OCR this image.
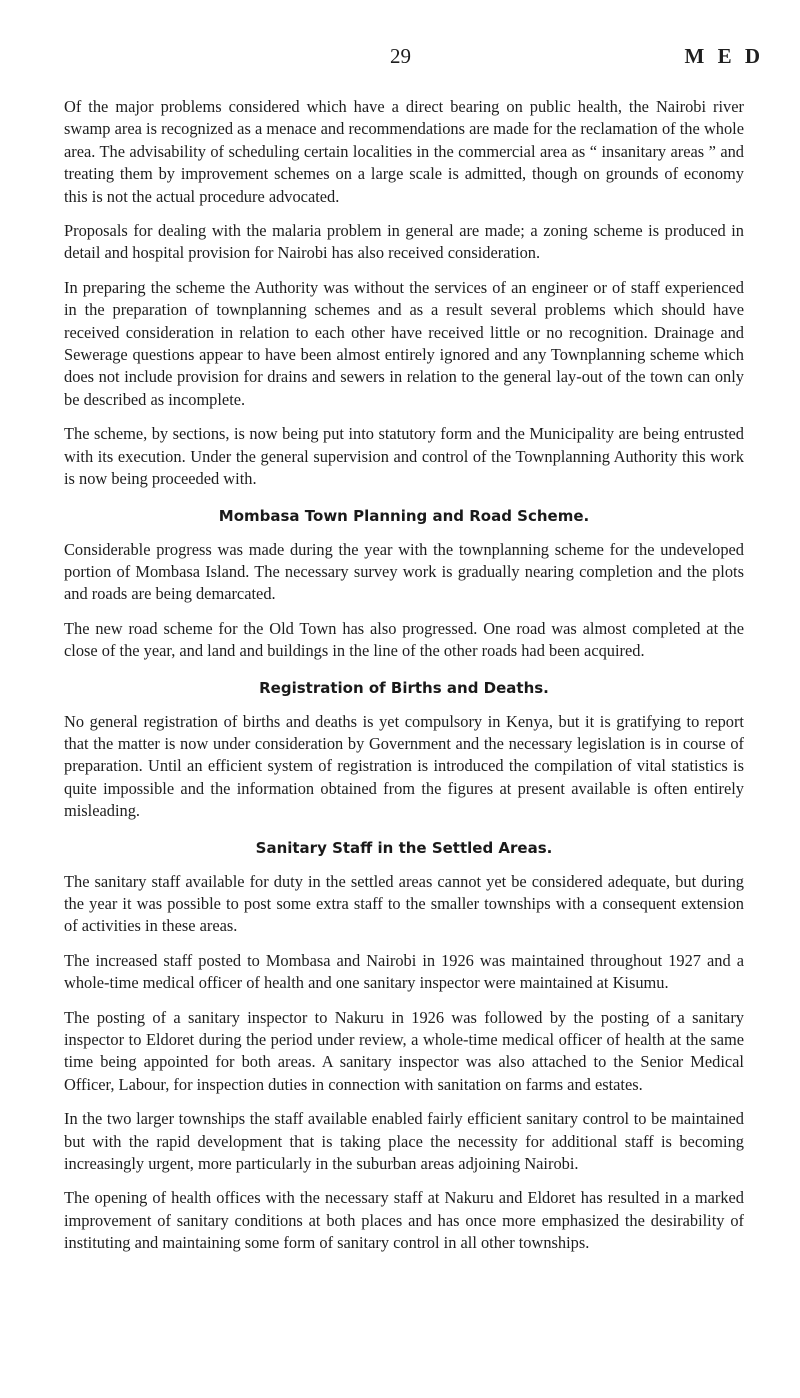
29	M E D

Of the major problems considered which have a direct bearing on public health, the Nairobi river swamp area is recognized as a menace and recommendations are made for the reclamation of the whole area. The advisability of scheduling certain localities in the commercial area as “ insanitary areas ” and treating them by improvement schemes on a large scale is admitted, though on grounds of economy this is not the actual procedure advocated.

Proposals for dealing with the malaria problem in general are made; a zoning scheme is produced in detail and hospital provision for Nairobi has also received consideration.

In preparing the scheme the Authority was without the services of an engineer or of staff experienced in the preparation of townplanning schemes and as a result several problems which should have received consideration in relation to each other have received little or no recognition. Drainage and Sewerage questions appear to have been almost entirely ignored and any Townplanning scheme which does not include provision for drains and sewers in relation to the general lay-out of the town can only be described as incomplete.

The scheme, by sections, is now being put into statutory form and the Municipality are being entrusted with its execution. Under the general supervision and control of the Townplanning Authority this work is now being proceeded with.

Mombasa Town Planning and Road Scheme.

Considerable progress was made during the year with the townplanning scheme for the undeveloped portion of Mombasa Island. The necessary survey work is gradually nearing completion and the plots and roads are being demarcated.

The new road scheme for the Old Town has also progressed. One road was almost completed at the close of the year, and land and buildings in the line of the other roads had been acquired.

Registration of Births and Deaths.

No general registration of births and deaths is yet compulsory in Kenya, but it is gratifying to report that the matter is now under consideration by Government and the necessary legislation is in course of preparation. Until an efficient system of registration is introduced the compilation of vital statistics is quite impossible and the information obtained from the figures at present available is often entirely misleading.

Sanitary Staff in the Settled Areas.

The sanitary staff available for duty in the settled areas cannot yet be considered adequate, but during the year it was possible to post some extra staff to the smaller townships with a consequent extension of activities in these areas.

The increased staff posted to Mombasa and Nairobi in 1926 was maintained throughout 1927 and a whole-time medical officer of health and one sanitary inspector were maintained at Kisumu.

The posting of a sanitary inspector to Nakuru in 1926 was followed by the posting of a sanitary inspector to Eldoret during the period under review, a whole-time medical officer of health at the same time being appointed for both areas. A sanitary inspector was also attached to the Senior Medical Officer, Labour, for inspection duties in connection with sanitation on farms and estates.

In the two larger townships the staff available enabled fairly efficient sanitary control to be maintained but with the rapid development that is taking place the necessity for additional staff is becoming increasingly urgent, more particularly in the suburban areas adjoining Nairobi.

The opening of health offices with the necessary staff at Nakuru and Eldoret has resulted in a marked improvement of sanitary conditions at both places and has once more emphasized the desirability of instituting and maintaining some form of sanitary control in all other townships.
